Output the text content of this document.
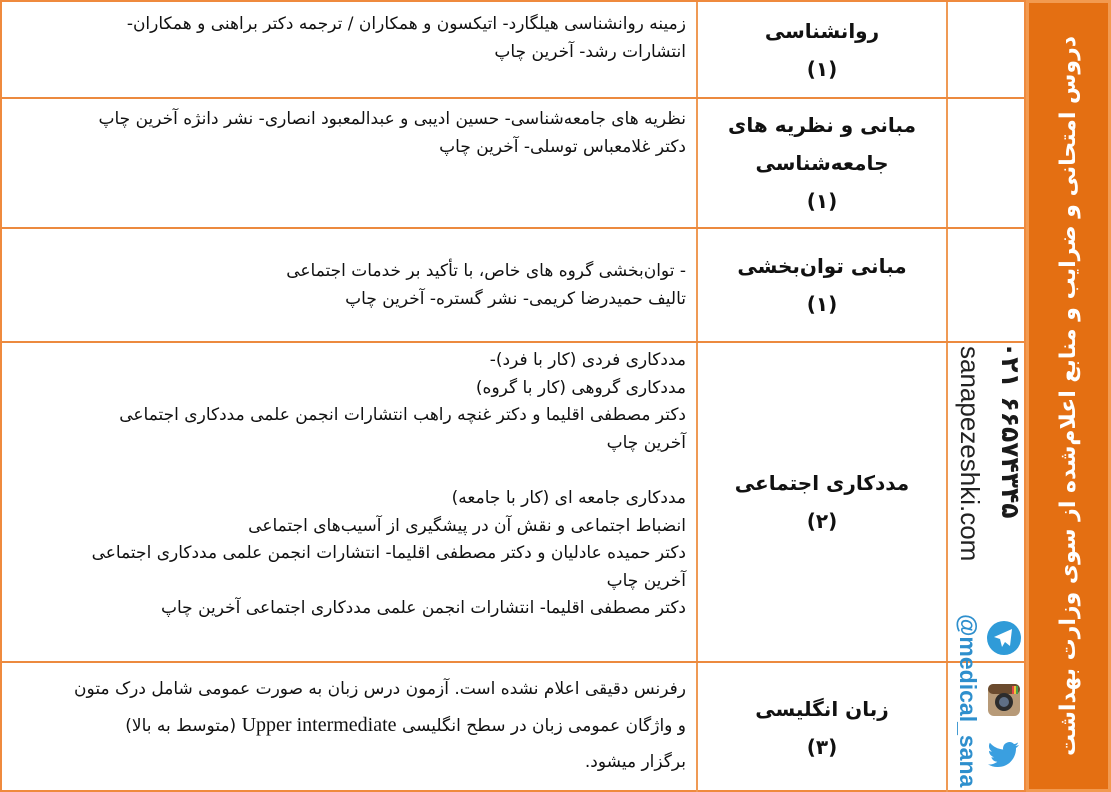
زمینه روانشناسی هیلگارد- اتیکسون و همکاران / ترجمه دکتر براهنی و همکاران-
انتشارات رشد- آخرین چاپ
روانشناسی
(۱)
نظریه های جامعه‌شناسی- حسین ادیبی و عبدالمعبود انصاری- نشر دانژه آخرین چاپ
دکتر غلامعباس توسلی- آخرین چاپ
مبانی و نظریه های
جامعه‌شناسی
(۱)
- توان‌بخشی گروه های خاص، با تأکید بر خدمات اجتماعی
تالیف حمیدرضا کریمی- نشر گستره- آخرین چاپ
مبانی توان‌بخشی
(۱)
مددکاری فردی (کار با فرد)-
مددکاری گروهی (کار با گروه)
دکتر مصطفی اقلیما و دکتر غنچه راهب انتشارات انجمن علمی مددکاری اجتماعی
آخرین چاپ
مددکاری جامعه ای (کار با جامعه)
انضباط اجتماعی و نقش آن در پیشگیری از آسیب‌های اجتماعی
دکتر حمیده عادلیان و دکتر مصطفی اقلیما- انتشارات انجمن علمی مددکاری اجتماعی
آخرین چاپ
دکتر مصطفی اقلیما- انتشارات انجمن علمی مددکاری اجتماعی آخرین چاپ
مددکاری اجتماعی
(۲)
رفرنس دقیقی اعلام نشده است. آزمون درس زبان به صورت عمومی شامل درک متون
و واژگان عمومی زبان در سطح انگلیسی Upper intermediate (متوسط به بالا)
برگزار میشود.
زبان انگلیسی
(۳)
۰۲۱ ۶۶۵۷۴۳۴۵
sanapezeshki.com
@medical_sana	دروس امتحانی و ضرایب و منابع اعلام‌شده از سوی وزارت بهداشت
